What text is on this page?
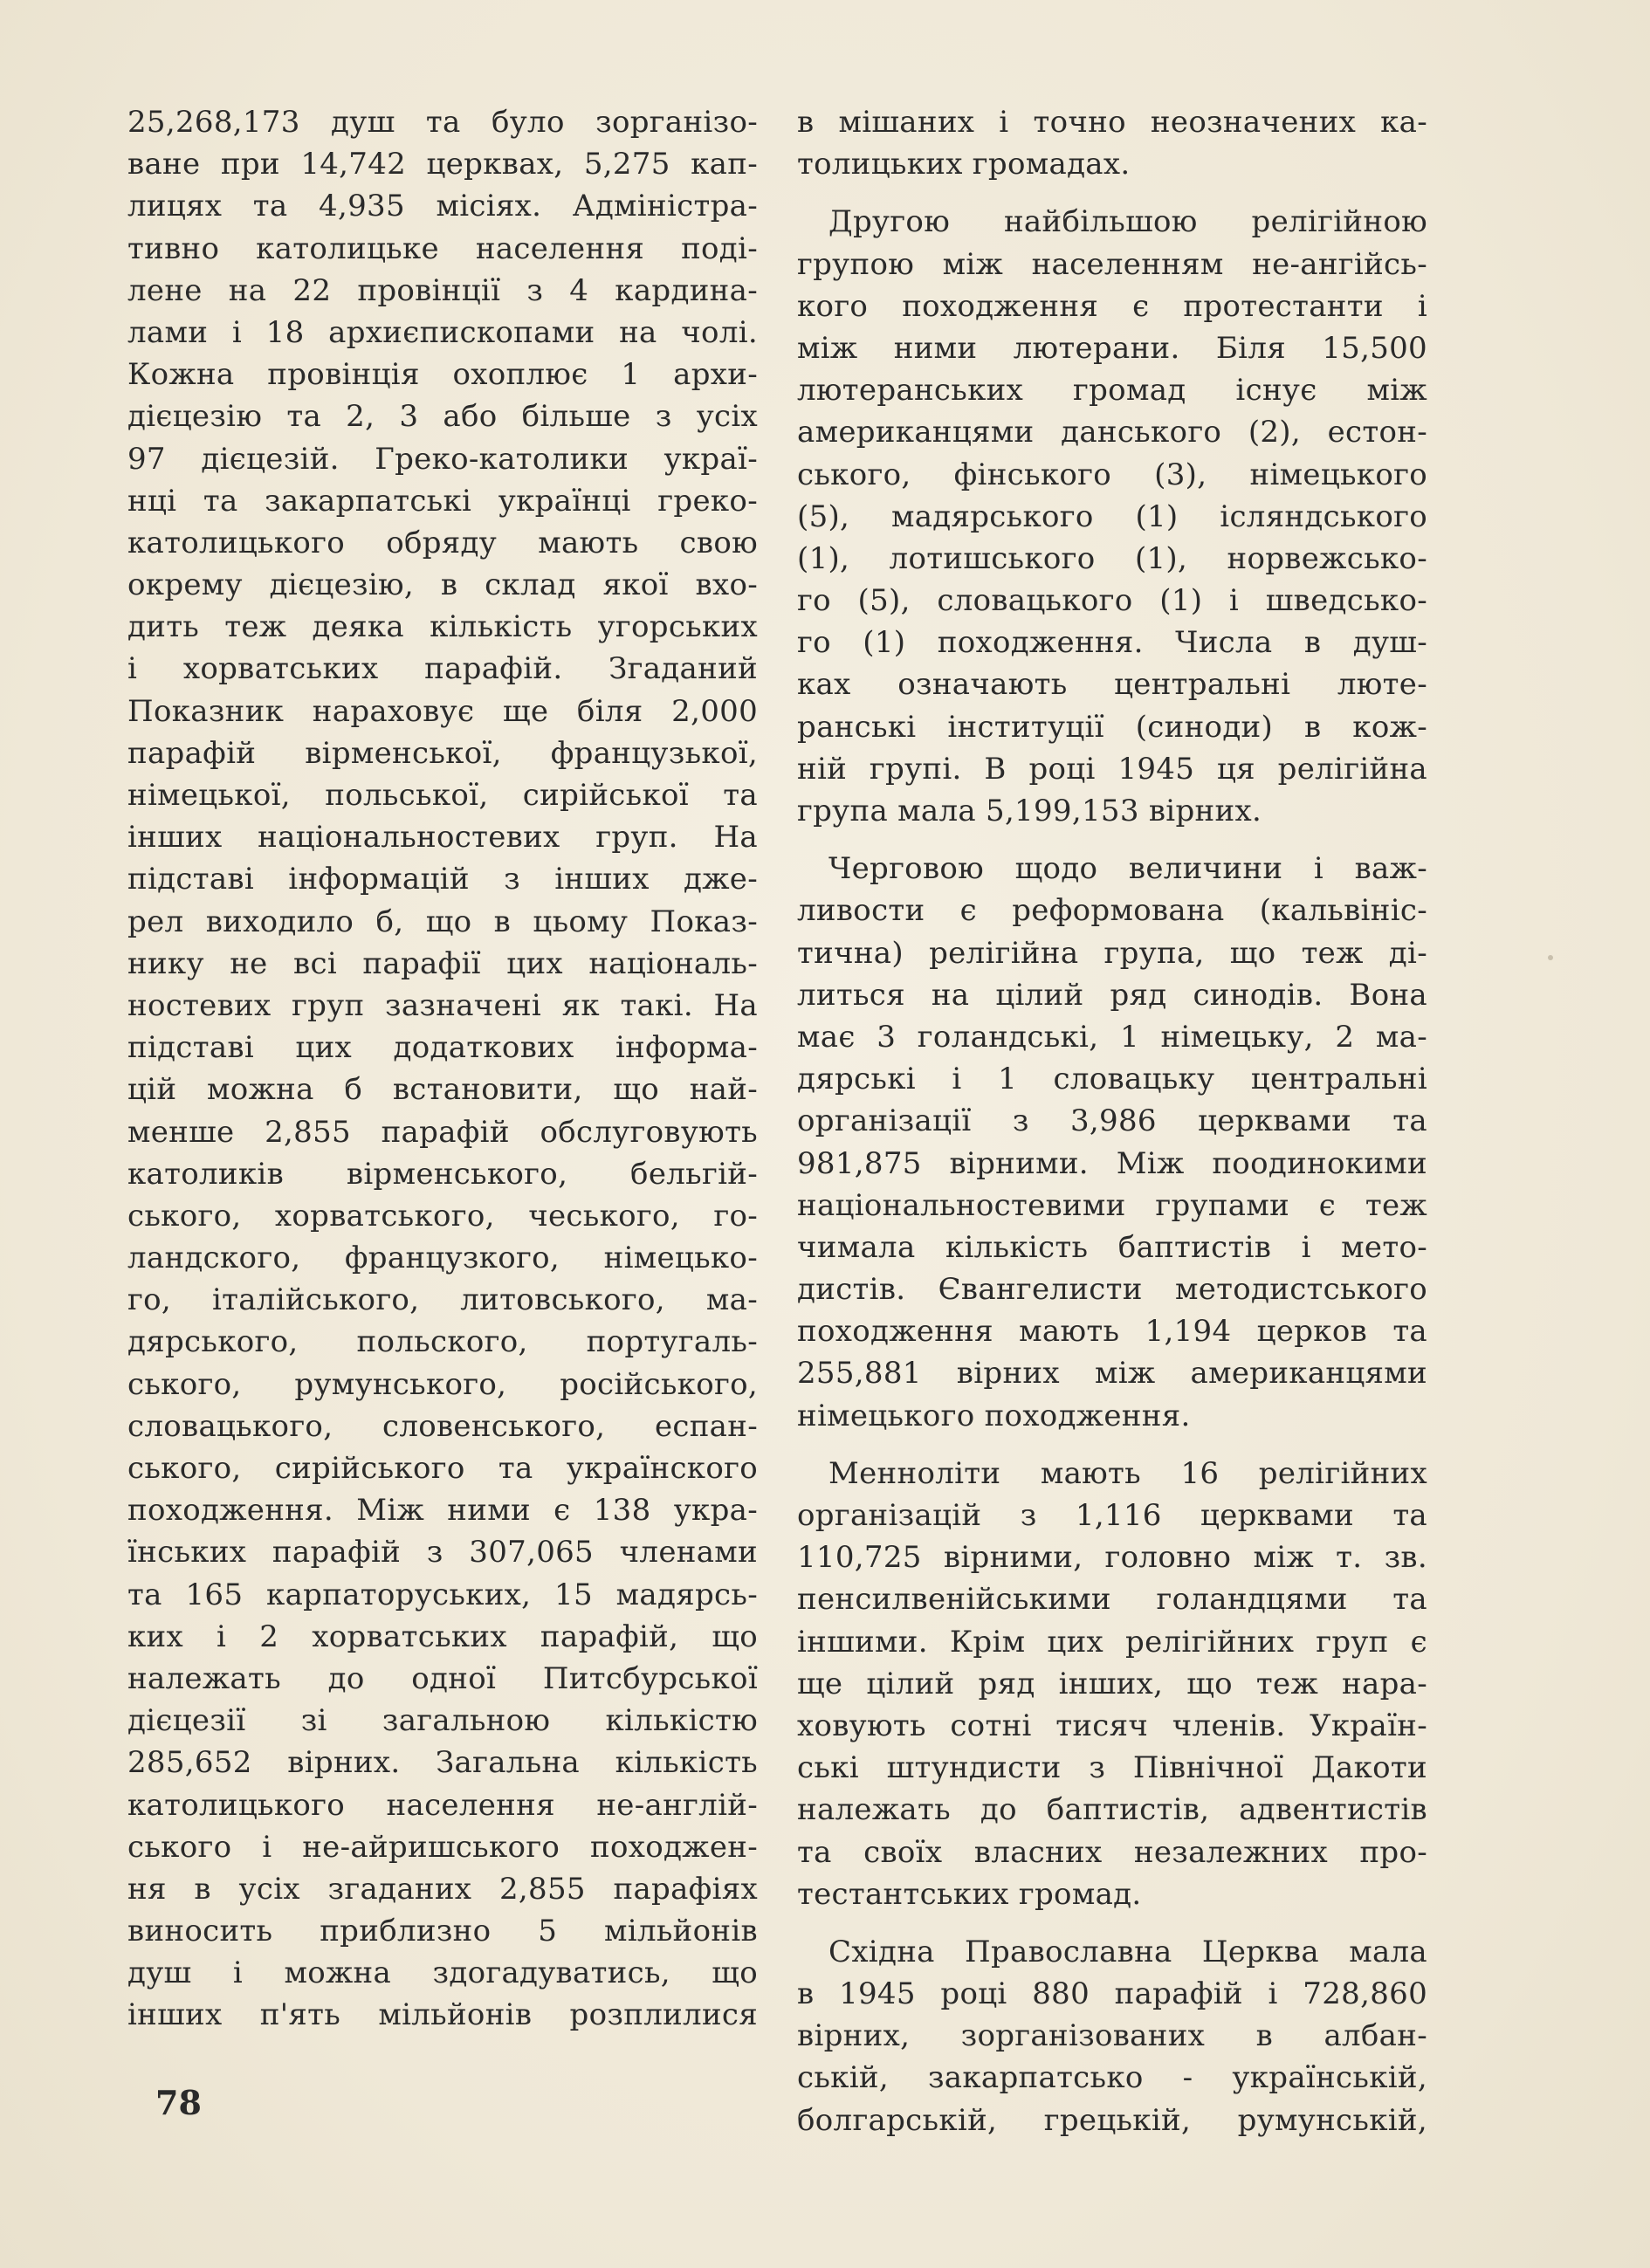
25,268,173 душ та було зорганізо-
ване при 14,742 церквах, 5,275 кап-
лицях та 4,935 місіях. Адміністра-
тивно католицьке населення поді-
лене на 22 провінції з 4 кардина-
лами і 18 архиєпископами на чолі.
Кожна провінція охоплює 1 архи-
дієцезію та 2, 3 або більше з усіх
97 дієцезій. Греко-католики украї-
нці та закарпатські українці греко-
католицького обряду мають свою
окрему дієцезію, в склад якої вхо-
дить теж деяка кількість угорських
і хорватських парафій. Згаданий
Показник нараховує ще біля 2,000
парафій вірменської, французької,
німецької, польської, сирійської та
інших національностевих груп. На
підставі інформацій з інших дже-
рел виходило б, що в цьому Показ-
нику не всі парафії цих національ-
ностевих груп зазначені як такі. На
підставі цих додаткових інформа-
цій можна б встановити, що най-
менше 2,855 парафій обслуговують
католиків вірменського, бельгій-
ського, хорватського, чеського, го-
ландского, французкого, німецько-
го, італійського, литовського, ма-
дярського, польского, португаль-
ського, румунського, російського,
словацького, словенського, еспан-
ського, сирійського та українского
походження. Між ними є 138 укра-
їнських парафій з 307,065 членами
та 165 карпаторуських, 15 мадярсь-
ких і 2 хорватських парафій, що
належать до одної Питсбурської
дієцезії зі загальною кількістю
285,652 вірних. Загальна кількість
католицького населення не-англій-
ського і не-айришського походжен-
ня в усіх згаданих 2,855 парафіях
виносить приблизно 5 мільйонів
душ і можна здогадуватись, що
інших п'ять мільйонів розплилися
в мішаних і точно неозначених ка-
толицьких громадах.
Другою найбільшою релігійною
групою між населенням не-ангійсь-
кого походження є протестанти і
між ними лютерани. Біля 15,500
лютеранських громад існує між
американцями данського (2), естон-
ського, фінського (3), німецького
(5), мадярського (1) ісляндського
(1), лотишського (1), норвежсько-
го (5), словацького (1) і шведсько-
го (1) походження. Числа в душ-
ках означають центральні люте-
ранські інституції (синоди) в кож-
ній групі. В році 1945 ця релігійна
група мала 5,199,153 вірних.
Черговою щодо величини і важ-
ливости є реформована (кальвініс-
тична) релігійна група, що теж ді-
литься на цілий ряд синодів. Вона
має 3 голандські, 1 німецьку, 2 ма-
дярські і 1 словацьку центральні
організації з 3,986 церквами та
981,875 вірними. Між поодинокими
національностевими групами є теж
чимала кількість баптистів і мето-
дистів. Євангелисти методистського
походження мають 1,194 церков та
255,881 вірних між американцями
німецького походження.
Менноліти мають 16 релігійних
організацій з 1,116 церквами та
110,725 вірними, головно між т. зв.
пенсилвенійськими голандцями та
іншими. Крім цих релігійних груп є
ще цілий ряд інших, що теж нара-
ховують сотні тисяч членів. Україн-
ські штундисти з Північної Дакоти
належать до баптистів, адвентистів
та своїх власних незалежних про-
тестантських громад.
Східна Православна Церква мала
в 1945 році 880 парафій і 728,860
вірних, зорганізованих в албан-
ській, закарпатсько - українській,
болгарській, грецькій, румунській,
78
